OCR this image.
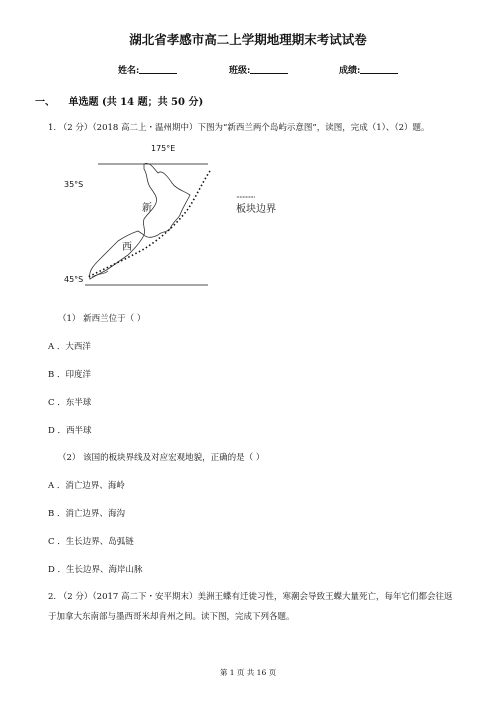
湖北省孝感市高二上学期地理期末考试试卷
姓名:	班级:	成绩:
一、 单选题 (共 14 题；共 50 分)
1. （2 分）（2018 高二上・温州期中）下图为“新西兰两个岛屿示意图”，读图，完成（1）、（2）题。
175°E
35°S
45°S
新
西
············
板块边界
（1） 新西兰位于（ ）
A ．大西洋
B ．印度洋
C ．东半球
D ．西半球
（2） 该国的板块界线及对应宏观地貌，正确的是（ ）
A ．消亡边界、海岭
B ．消亡边界、海沟
C ．生长边界、岛弧链
D ．生长边界、海岸山脉
2. （2 分）（2017 高二下・安平期末）美洲王蝶有迁徙习性，寒潮会导致王蝶大量死亡，每年它们都会往返
于加拿大东南部与墨西哥米却肯州之间。读下图，完成下列各题。
第 1 页 共 16 页
